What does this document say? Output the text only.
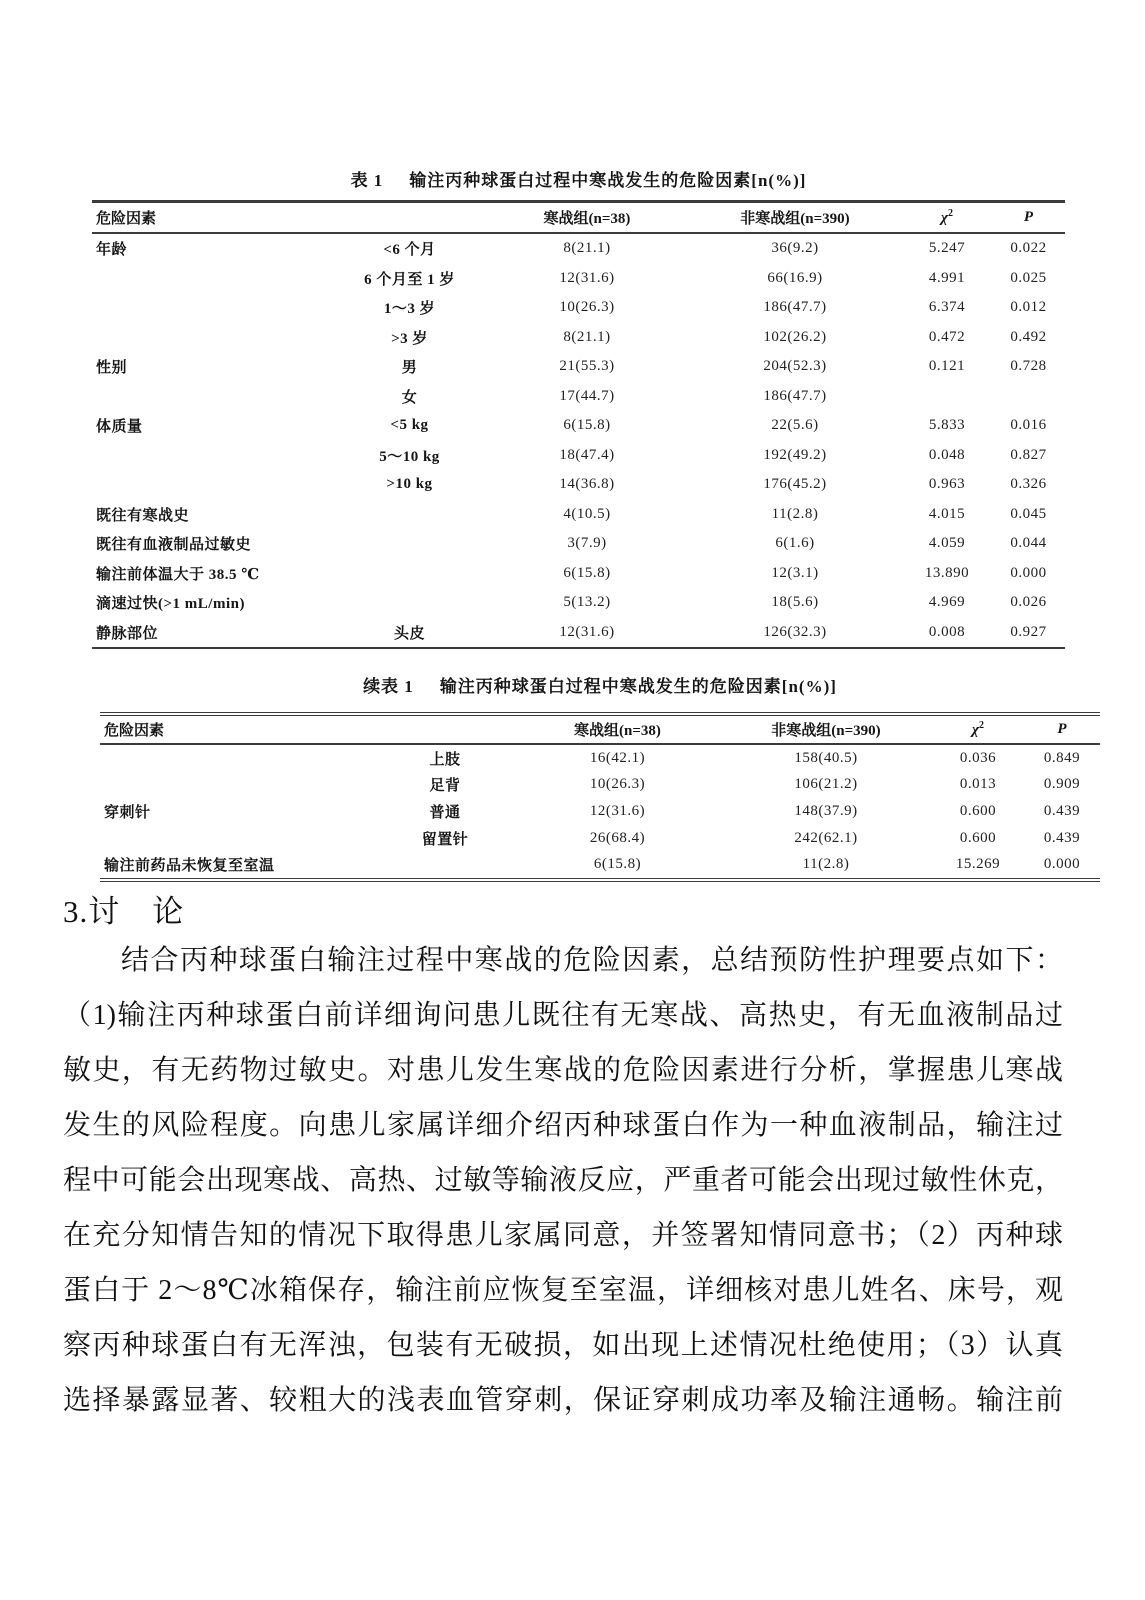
表 1 输注丙种球蛋白过程中寒战发生的危险因素[n(%)]
危险因素		寒战组(n=38)	非寒战组(n=390)	$\chi^2$	P
年龄	<6 个月	8(21.1)	36(9.2)	5.247	0.022
	6 个月至 1 岁	12(31.6)	66(16.9)	4.991	0.025
	1～3 岁	10(26.3)	186(47.7)	6.374	0.012
	>3 岁	8(21.1)	102(26.2)	0.472	0.492
性别	男	21(55.3)	204(52.3)	0.121	0.728
	女	17(44.7)	186(47.7)		
体质量	<5 kg	6(15.8)	22(5.6)	5.833	0.016
	5～10 kg	18(47.4)	192(49.2)	0.048	0.827
	>10 kg	14(36.8)	176(45.2)	0.963	0.326
既往有寒战史		4(10.5)	11(2.8)	4.015	0.045
既往有血液制品过敏史		3(7.9)	6(1.6)	4.059	0.044
输注前体温大于 38.5 ℃		6(15.8)	12(3.1)	13.890	0.000
滴速过快(>1 mL/min)		5(13.2)	18(5.6)	4.969	0.026
静脉部位	头皮	12(31.6)	126(32.3)	0.008	0.927
续表 1 输注丙种球蛋白过程中寒战发生的危险因素[n(%)]
危险因素		寒战组(n=38)	非寒战组(n=390)	$\chi^2$	P
	上肢	16(42.1)	158(40.5)	0.036	0.849
	足背	10(26.3)	106(21.2)	0.013	0.909
穿刺针	普通	12(31.6)	148(37.9)	0.600	0.439
	留置针	26(68.4)	242(62.1)	0.600	0.439
输注前药品未恢复至室温		6(15.8)	11(2.8)	15.269	0.000
3.讨　论
结合丙种球蛋白输注过程中寒战的危险因素，总结预防性护理要点如下：
（1)输注丙种球蛋白前详细询问患儿既往有无寒战、高热史，有无血液制品过
敏史，有无药物过敏史。对患儿发生寒战的危险因素进行分析，掌握患儿寒战
发生的风险程度。向患儿家属详细介绍丙种球蛋白作为一种血液制品，输注过
程中可能会出现寒战、高热、过敏等输液反应，严重者可能会出现过敏性休克，
在充分知情告知的情况下取得患儿家属同意，并签署知情同意书；（2）丙种球
蛋白于 2～8℃冰箱保存，输注前应恢复至室温，详细核对患儿姓名、床号，观
察丙种球蛋白有无浑浊，包装有无破损，如出现上述情况杜绝使用；（3）认真
选择暴露显著、较粗大的浅表血管穿刺，保证穿刺成功率及输注通畅。输注前
